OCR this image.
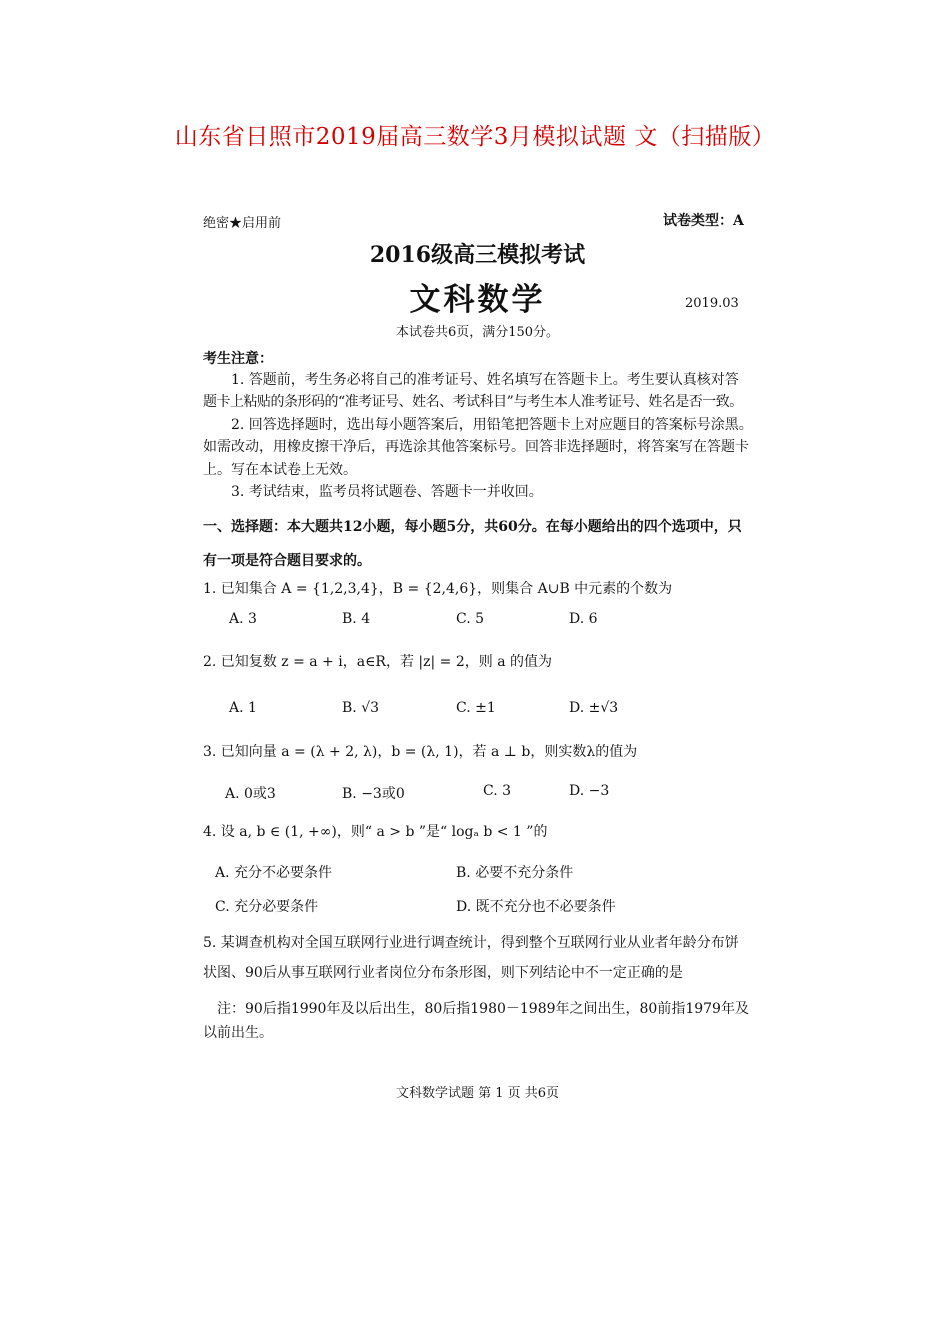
山东省日照市2019届高三数学3月模拟试题 文（扫描版）
绝密★启用前	试卷类型：A
2016级高三模拟考试
文科数学	2019.03
本试卷共6页，满分150分。
考生注意：
1. 答题前，考生务必将自己的准考证号、姓名填写在答题卡上。考生要认真核对答
题卡上粘贴的条形码的“准考证号、姓名、考试科目”与考生本人准考证号、姓名是否一致。
2. 回答选择题时，选出每小题答案后，用铅笔把答题卡上对应题目的答案标号涂黑。
如需改动，用橡皮擦干净后，再选涂其他答案标号。回答非选择题时，将答案写在答题卡
上。写在本试卷上无效。
3. 考试结束，监考员将试题卷、答题卡一并收回。
一、选择题：本大题共12小题，每小题5分，共60分。在每小题给出的四个选项中，只
有一项是符合题目要求的。
1. 已知集合 A = {1,2,3,4}，B = {2,4,6}，则集合 A∪B 中元素的个数为
A. 3	B. 4	C. 5	D. 6
2. 已知复数 z = a + i，a∈R，若 |z| = 2，则 a 的值为
A. 1	B. √3	C. ±1	D. ±√3
3. 已知向量 a = (λ + 2, λ)，b = (λ, 1)，若 a ⊥ b，则实数λ的值为
A. 0或3	B. −3或0	C. 3	D. −3
4. 设 a, b ∈ (1, +∞)，则“ a > b ”是“ logₐ b < 1 ”的
A. 充分不必要条件	B. 必要不充分条件
C. 充分必要条件	D. 既不充分也不必要条件
5. 某调查机构对全国互联网行业进行调查统计，得到整个互联网行业从业者年龄分布饼
状图、90后从事互联网行业者岗位分布条形图，则下列结论中不一定正确的是
注：90后指1990年及以后出生，80后指1980－1989年之间出生，80前指1979年及
以前出生。
文科数学试题 第 1 页 共6页
